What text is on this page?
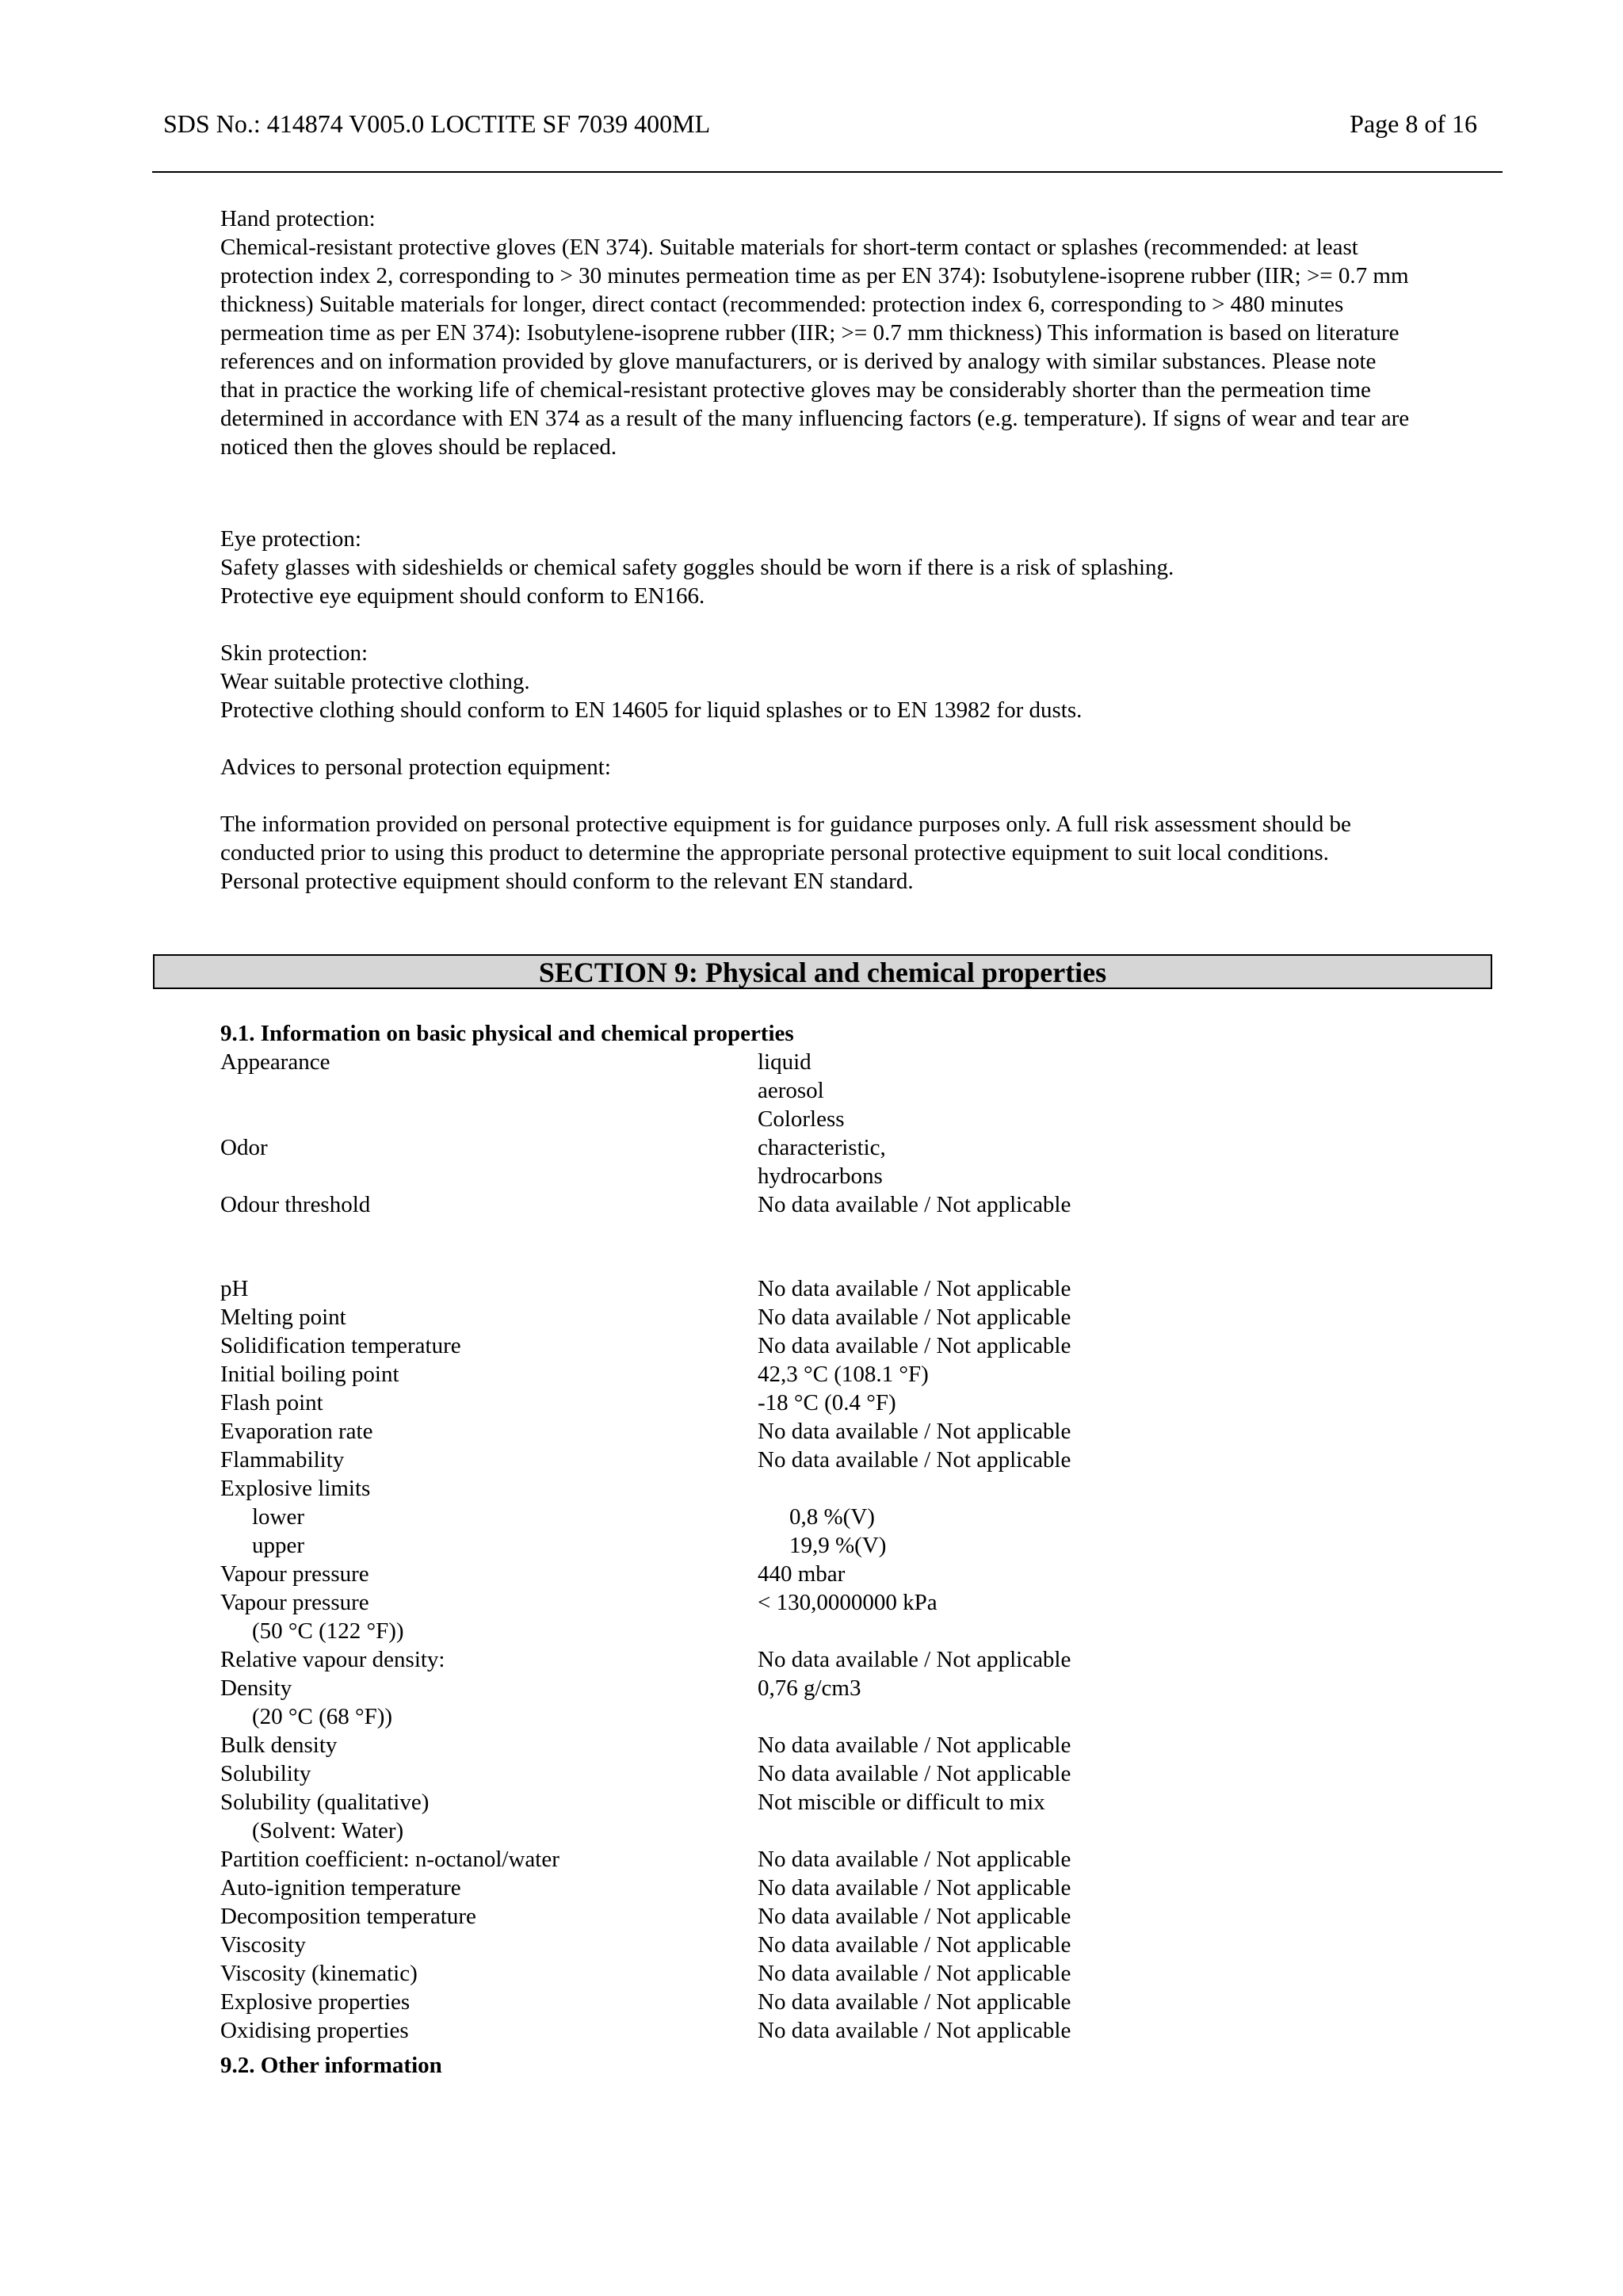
SDS No.: 414874 V005.0 LOCTITE SF 7039 400ML	Page 8 of 16

Hand protection:

Chemical-resistant protective gloves (EN 374). Suitable materials for short-term contact or splashes (recommended: at least

protection index 2, corresponding to > 30 minutes permeation time as per EN 374): Isobutylene-isoprene rubber (IIR; >= 0.7 mm

thickness) Suitable materials for longer, direct contact (recommended: protection index 6, corresponding to > 480 minutes

permeation time as per EN 374): Isobutylene-isoprene rubber (IIR; >= 0.7 mm thickness) This information is based on literature

references and on information provided by glove manufacturers, or is derived by analogy with similar substances. Please note

that in practice the working life of chemical-resistant protective gloves may be considerably shorter than the permeation time

determined in accordance with EN 374 as a result of the many influencing factors (e.g. temperature). If signs of wear and tear are

noticed then the gloves should be replaced.

Eye protection:

Safety glasses with sideshields or chemical safety goggles should be worn if there is a risk of splashing.

Protective eye equipment should conform to EN166.

Skin protection:

Wear suitable protective clothing.

Protective clothing should conform to EN 14605 for liquid splashes or to EN 13982 for dusts.

Advices to personal protection equipment:

The information provided on personal protective equipment is for guidance purposes only. A full risk assessment should be

conducted prior to using this product to determine the appropriate personal protective equipment to suit local conditions.

Personal protective equipment should conform to the relevant EN standard.

SECTION 9: Physical and chemical properties

9.1. Information on basic physical and chemical properties

Appearance	liquid
aerosol
Colorless
Odor	characteristic,
hydrocarbons
Odour threshold	No data available / Not applicable
pH	No data available / Not applicable
Melting point	No data available / Not applicable
Solidification temperature	No data available / Not applicable
Initial boiling point	42,3 °C (108.1 °F)
Flash point	-18 °C (0.4 °F)
Evaporation rate	No data available / Not applicable
Flammability	No data available / Not applicable
Explosive limits
lower	0,8 %(V)
upper	19,9 %(V)
Vapour pressure	440 mbar
Vapour pressure	< 130,0000000 kPa
(50 °C (122 °F))
Relative vapour density:	No data available / Not applicable
Density	0,76 g/cm3
(20 °C (68 °F))
Bulk density	No data available / Not applicable
Solubility	No data available / Not applicable
Solubility (qualitative)	Not miscible or difficult to mix
(Solvent: Water)
Partition coefficient: n-octanol/water	No data available / Not applicable
Auto-ignition temperature	No data available / Not applicable
Decomposition temperature	No data available / Not applicable
Viscosity	No data available / Not applicable
Viscosity (kinematic)	No data available / Not applicable
Explosive properties	No data available / Not applicable
Oxidising properties	No data available / Not applicable
9.2. Other information
